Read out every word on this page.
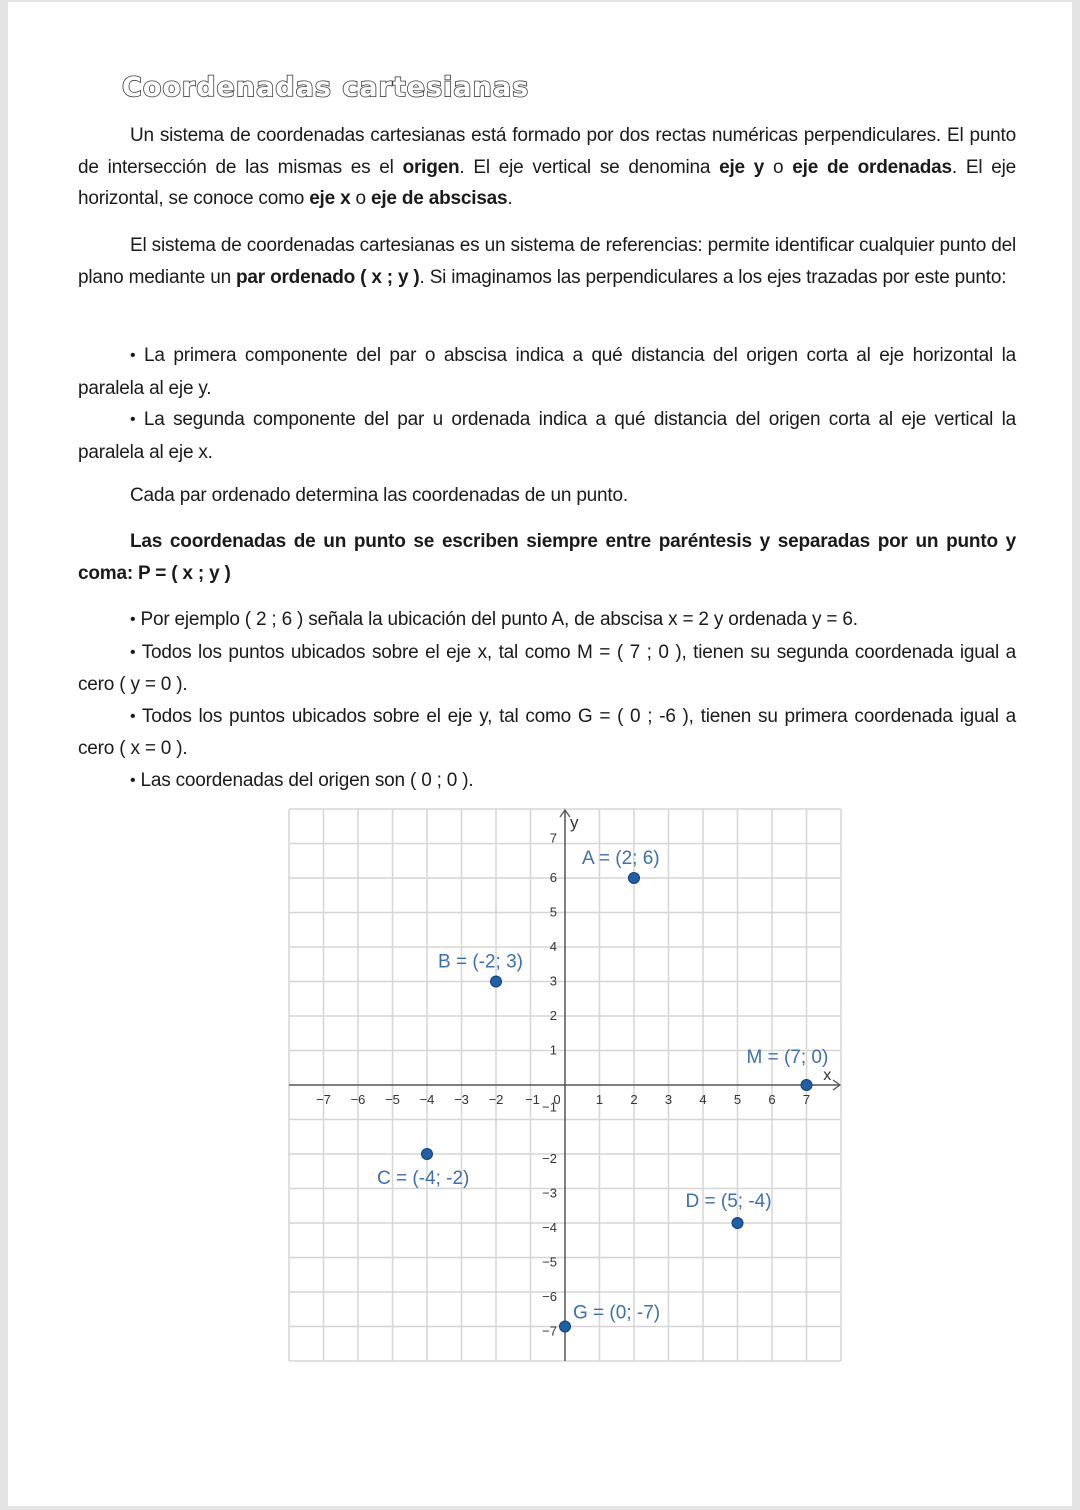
Coordenadas cartesianas
Un sistema de coordenadas cartesianas está formado por dos rectas numéricas perpendiculares. El punto de intersección de las mismas es el origen. El eje vertical se denomina eje y o eje de ordenadas. El eje horizontal, se conoce como eje x o eje de abscisas.
El sistema de coordenadas cartesianas es un sistema de referencias: permite identificar cualquier punto del plano mediante un par ordenado ( x ; y ). Si imaginamos las perpendiculares a los ejes trazadas por este punto:
• La primera componente del par o abscisa indica a qué distancia del origen corta al eje horizontal la paralela al eje y.
• La segunda componente del par u ordenada indica a qué distancia del origen corta al eje vertical la paralela al eje x.
Cada par ordenado determina las coordenadas de un punto.
Las coordenadas de un punto se escriben siempre entre paréntesis y separadas por un punto y coma: P = ( x ; y )
• Por ejemplo ( 2 ; 6 ) señala la ubicación del punto A, de abscisa x = 2 y ordenada y = 6.
• Todos los puntos ubicados sobre el eje x, tal como M = ( 7 ; 0 ), tienen su segunda coordenada igual a cero ( y = 0 ).
• Todos los puntos ubicados sobre el eje y, tal como G = ( 0 ; -6 ), tienen su primera coordenada igual a cero ( x = 0 ).
• Las coordenadas del origen son ( 0 ; 0 ).
x
y
−7 −6 −5 −4 −3 −2 −1 0	1 2 3 4 5 6 7
1
2
3
4
5
6
7
−1
−2
−3
−4
−5
−6
−7
A = (2; 6)
B = (-2; 3)
C = (-4; -2)
D = (5; -4)
G = (0; -7)
M = (7; 0)
